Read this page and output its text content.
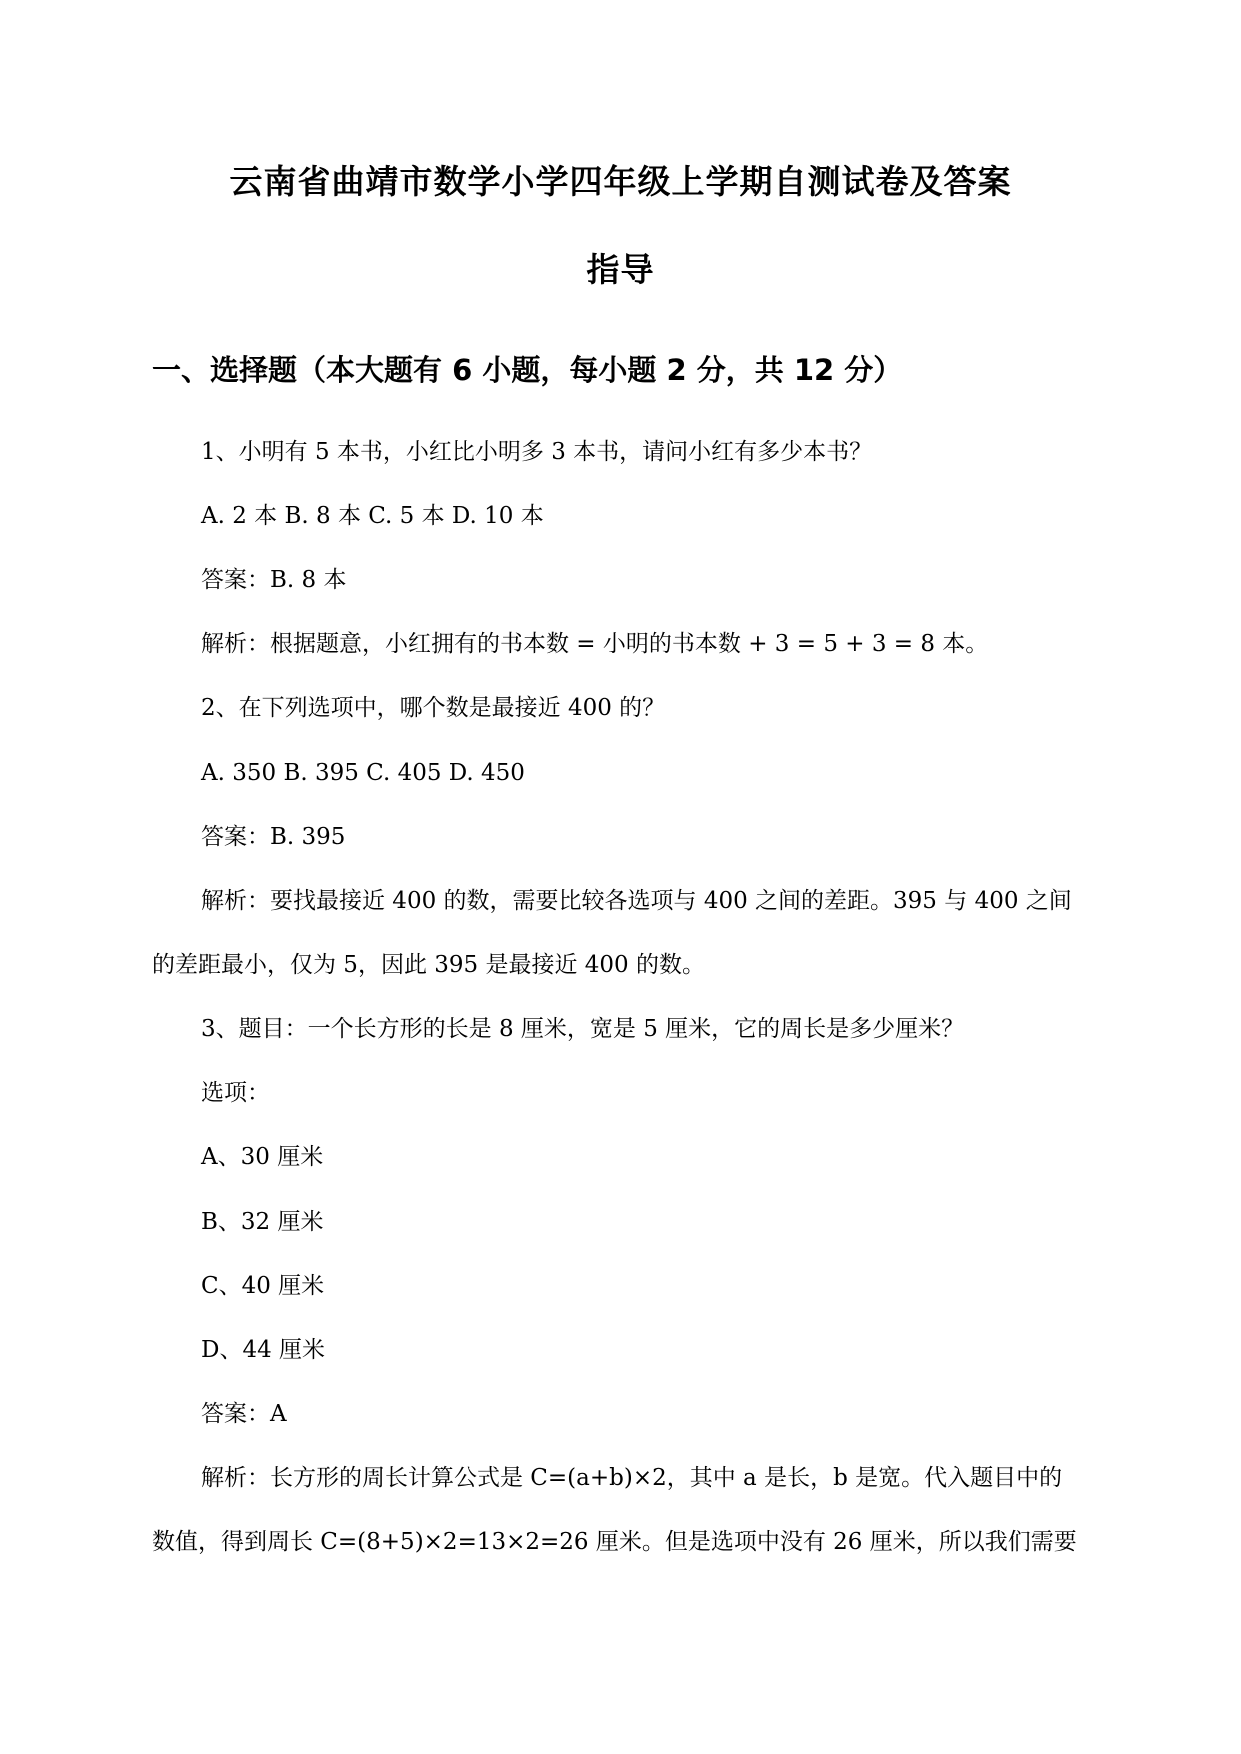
云南省曲靖市数学小学四年级上学期自测试卷及答案
指导
一、选择题（本大题有 6 小题，每小题 2 分，共 12 分）
1、小明有 5 本书，小红比小明多 3 本书，请问小红有多少本书？
A. 2 本 B. 8 本 C. 5 本 D. 10 本
答案：B. 8 本
解析：根据题意，小红拥有的书本数 = 小明的书本数 + 3 = 5 + 3 = 8 本。
2、在下列选项中，哪个数是最接近 400 的？
A. 350 B. 395 C. 405 D. 450
答案：B. 395
解析：要找最接近 400 的数，需要比较各选项与 400 之间的差距。395 与 400 之间
的差距最小，仅为 5，因此 395 是最接近 400 的数。
3、题目：一个长方形的长是 8 厘米，宽是 5 厘米，它的周长是多少厘米？
选项：
A、30 厘米
B、32 厘米
C、40 厘米
D、44 厘米
答案：A
解析：长方形的周长计算公式是 C=(a+b)×2，其中 a 是长，b 是宽。代入题目中的
数值，得到周长 C=(8+5)×2=13×2=26 厘米。但是选项中没有 26 厘米，所以我们需要
